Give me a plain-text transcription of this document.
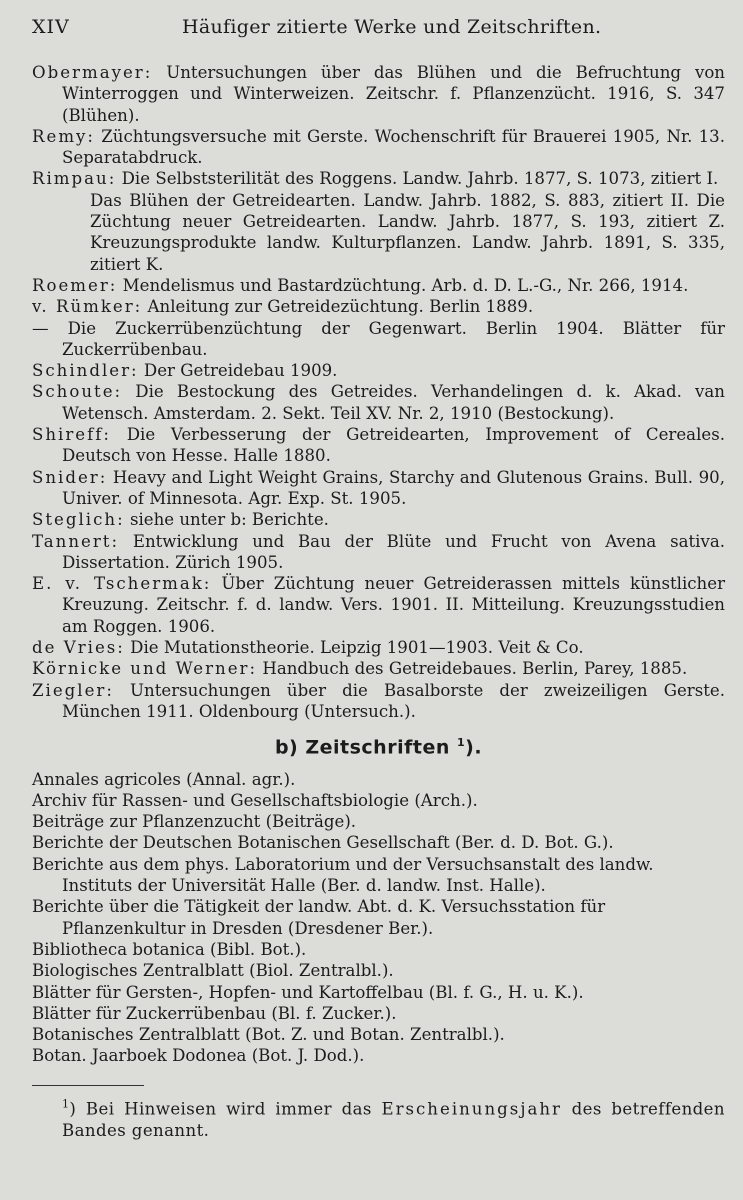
XIV	Häufiger zitierte Werke und Zeitschriften.
Obermayer: Untersuchungen über das Blühen und die Befruchtung von Winterroggen und Winterweizen. Zeitschr. f. Pflanzenzücht. 1916, S. 347 (Blühen).
Remy: Züchtungsversuche mit Gerste. Wochenschrift für Brauerei 1905, Nr. 13. Separatabdruck.
Rimpau: Die Selbststerilität des Roggens. Landw. Jahrb. 1877, S. 1073, zitiert I.
Das Blühen der Getreidearten. Landw. Jahrb. 1882, S. 883, zitiert II. Die Züchtung neuer Getreidearten. Landw. Jahrb. 1877, S. 193, zitiert Z. Kreuzungsprodukte landw. Kulturpflanzen. Landw. Jahrb. 1891, S. 335, zitiert K.
Roemer: Mendelismus und Bastardzüchtung. Arb. d. D. L.-G., Nr. 266, 1914.
v. Rümker: Anleitung zur Getreidezüchtung. Berlin 1889.
— Die Zuckerrübenzüchtung der Gegenwart. Berlin 1904. Blätter für Zuckerrübenbau.
Schindler: Der Getreidebau 1909.
Schoute: Die Bestockung des Getreides. Verhandelingen d. k. Akad. van Wetensch. Amsterdam. 2. Sekt. Teil XV. Nr. 2, 1910 (Bestockung).
Shireff: Die Verbesserung der Getreidearten, Improvement of Cereales. Deutsch von Hesse. Halle 1880.
Snider: Heavy and Light Weight Grains, Starchy and Glutenous Grains. Bull. 90, Univer. of Minnesota. Agr. Exp. St. 1905.
Steglich: siehe unter b: Berichte.
Tannert: Entwicklung und Bau der Blüte und Frucht von Avena sativa. Dissertation. Zürich 1905.
E. v. Tschermak: Über Züchtung neuer Getreiderassen mittels künstlicher Kreuzung. Zeitschr. f. d. landw. Vers. 1901. II. Mitteilung. Kreuzungsstudien am Roggen. 1906.
de Vries: Die Mutationstheorie. Leipzig 1901—1903. Veit & Co.
Körnicke und Werner: Handbuch des Getreidebaues. Berlin, Parey, 1885.
Ziegler: Untersuchungen über die Basalborste der zweizeiligen Gerste. München 1911. Oldenbourg (Untersuch.).
b) Zeitschriften $^1$).
Annales agricoles (Annal. agr.).
Archiv für Rassen- und Gesellschaftsbiologie (Arch.).
Beiträge zur Pflanzenzucht (Beiträge).
Berichte der Deutschen Botanischen Gesellschaft (Ber. d. D. Bot. G.).
Berichte aus dem phys. Laboratorium und der Versuchsanstalt des landw. Instituts der Universität Halle (Ber. d. landw. Inst. Halle).
Berichte über die Tätigkeit der landw. Abt. d. K. Versuchsstation für Pflanzenkultur in Dresden (Dresdener Ber.).
Bibliotheca botanica (Bibl. Bot.).
Biologisches Zentralblatt (Biol. Zentralbl.).
Blätter für Gersten-, Hopfen- und Kartoffelbau (Bl. f. G., H. u. K.).
Blätter für Zuckerrübenbau (Bl. f. Zucker.).
Botanisches Zentralblatt (Bot. Z. und Botan. Zentralbl.).
Botan. Jaarboek Dodonea (Bot. J. Dod.).
$^1$) Bei Hinweisen wird immer das Erscheinungsjahr des betreffenden Bandes genannt.
